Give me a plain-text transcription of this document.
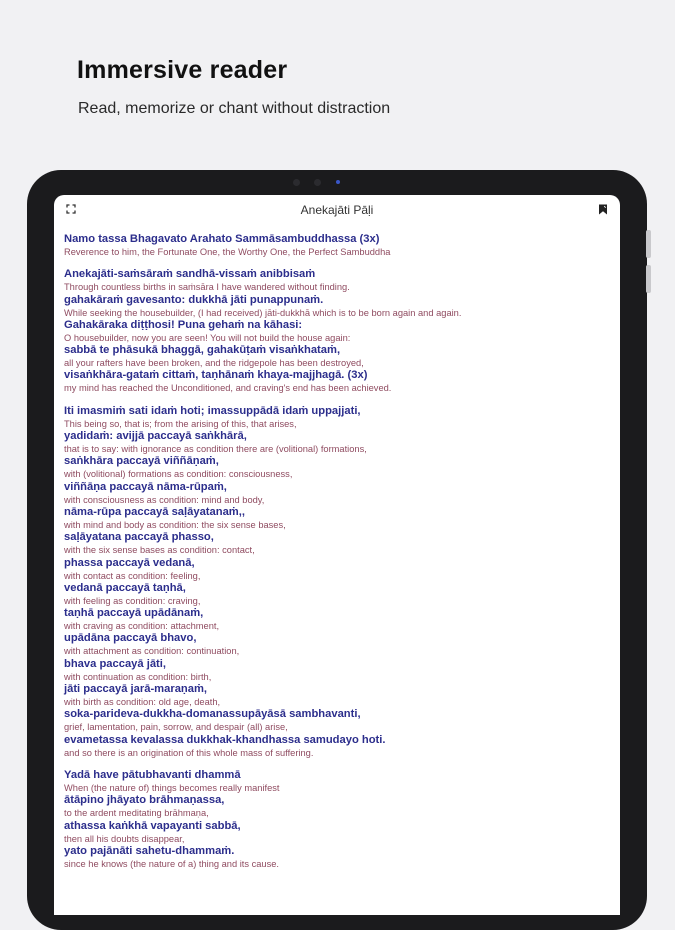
Immersive reader
Read, memorize or chant without distraction
Anekajāti Pāḷi
Namo tassa Bhagavato Arahato Sammāsambuddhassa (3x)
Reverence to him, the Fortunate One, the Worthy One, the Perfect Sambuddha
Anekajāti-saṁsāraṁ sandhā-vissaṁ anibbisaṁ
Through countless births in saṁsāra I have wandered without finding.
gahakāraṁ gavesanto: dukkhā jāti punappunaṁ.
While seeking the housebuilder, (I had received) jāti-dukkhā which is to be born again and again.
Gahakāraka diṭṭhosi! Puna gehaṁ na kāhasi:
O housebuilder, now you are seen! You will not build the house again:
sabbā te phāsukā bhaggā, gahakūṭaṁ visaṅkhataṁ,
all your rafters have been broken, and the ridgepole has been destroyed,
visaṅkhāra-gataṁ cittaṁ, taṇhānaṁ khaya-majjhagā. (3x)
my mind has reached the Unconditioned, and craving's end has been achieved.
Iti imasmiṁ sati idaṁ hoti; imassuppādā idaṁ uppajjati,
This being so, that is; from the arising of this, that arises,
yadidaṁ: avijjā paccayā saṅkhārā,
that is to say: with ignorance as condition there are (volitional) formations,
saṅkhāra paccayā viññāṇaṁ,
with (volitional) formations as condition: consciousness,
viññāṇa paccayā nāma-rūpaṁ,
with consciousness as condition: mind and body,
nāma-rūpa paccayā saḷāyatanaṁ,,
with mind and body as condition: the six sense bases,
saḷāyatana paccayā phasso,
with the six sense bases as condition: contact,
phassa paccayā vedanā,
with contact as condition: feeling,
vedanā paccayā taṇhā,
with feeling as condition: craving,
taṇhā paccayā upādānaṁ,
with craving as condition: attachment,
upādāna paccayā bhavo,
with attachment as condition: continuation,
bhava paccayā jāti,
with continuation as condition: birth,
jāti paccayā jarā-maraṇaṁ,
with birth as condition: old age, death,
soka-parideva-dukkha-domanassupāyāsā sambhavanti,
grief, lamentation, pain, sorrow, and despair (all) arise,
evametassa kevalassa dukkhak-khandhassa samudayo hoti.
and so there is an origination of this whole mass of suffering.
Yadā have pātubhavanti dhammā
When (the nature of) things becomes really manifest
ātāpino jhāyato brāhmaṇassa,
to the ardent meditating brāhmaṇa,
athassa kaṅkhā vapayanti sabbā,
then all his doubts disappear,
yato pajānāti sahetu-dhammaṁ.
since he knows (the nature of a) thing and its cause.
